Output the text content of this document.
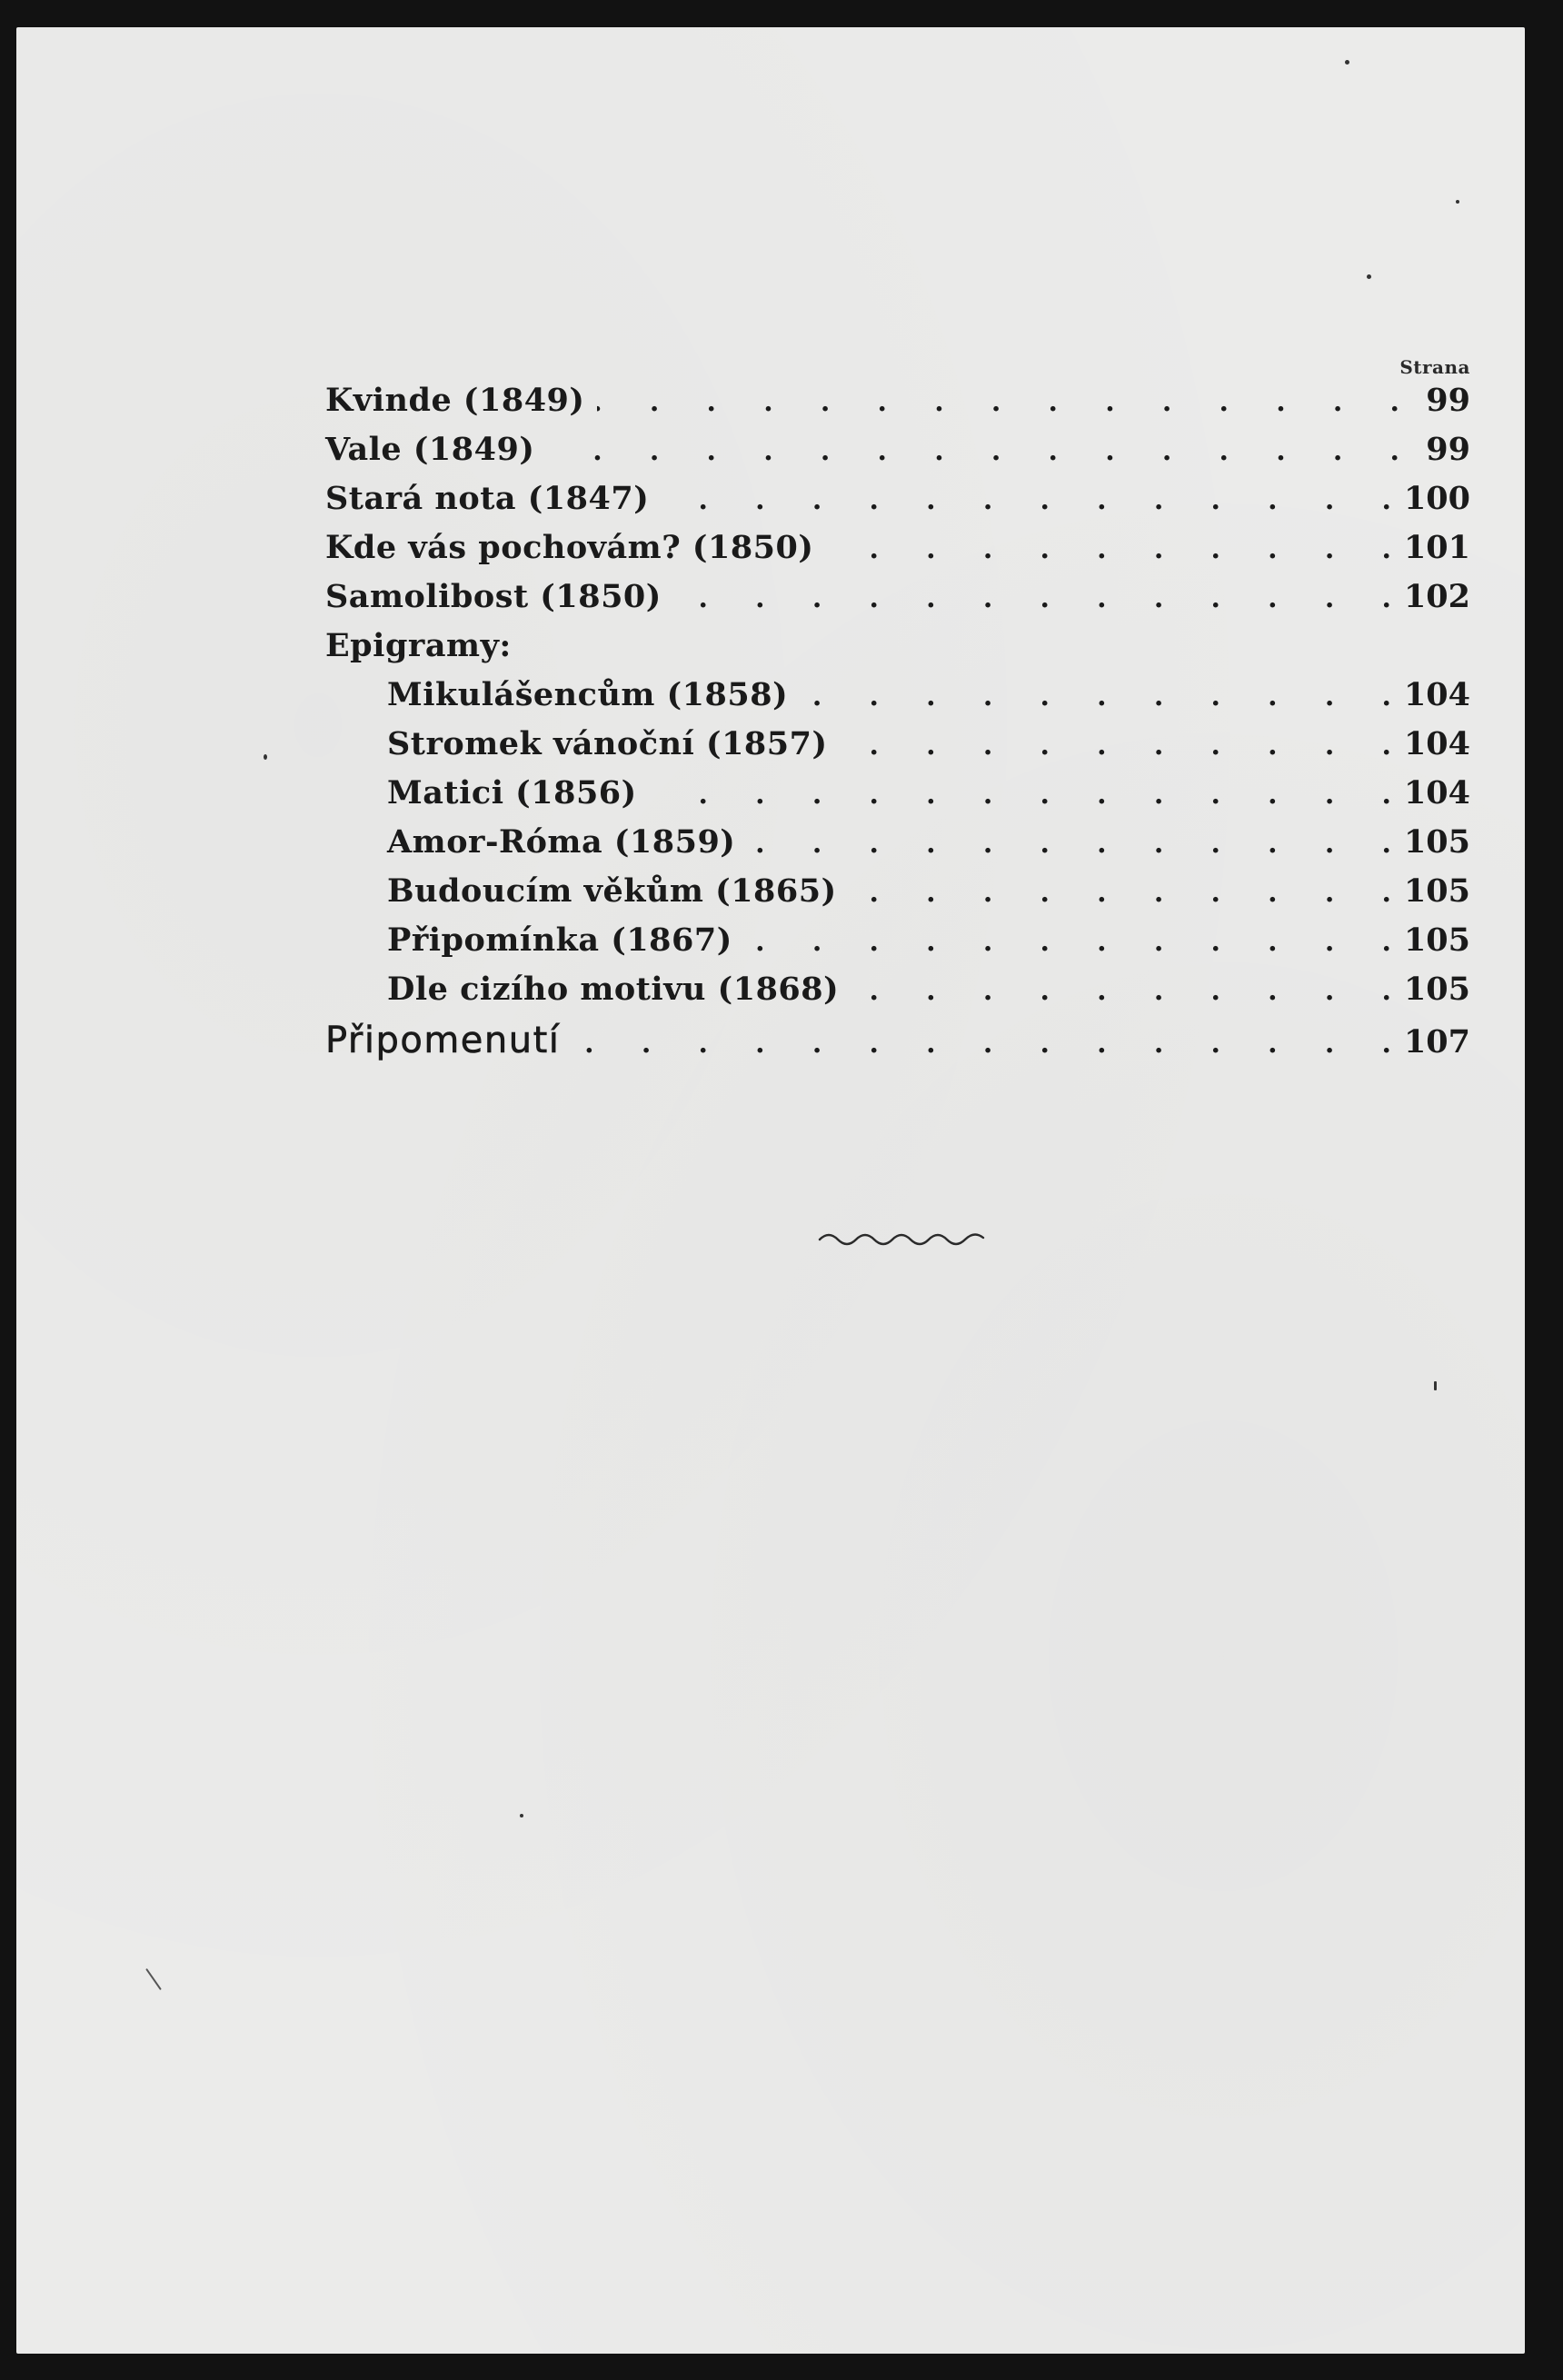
Strana
Kvinde (1849) .	99
Vale (1849) .	99
Stará nota (1847) .	100
Kde vás pochovám? (1850) .	101
Samolibost (1850) .	102
Epigramy:
Mikulášencům (1858) .	104
Stromek vánoční (1857) .	104
Matici (1856) .	104
Amor-Róma (1859) .	105
Budoucím věkům (1865) .	105
Připomínka (1867) .	105
Dle cizího motivu (1868) .	105
Připomenutí .	107
